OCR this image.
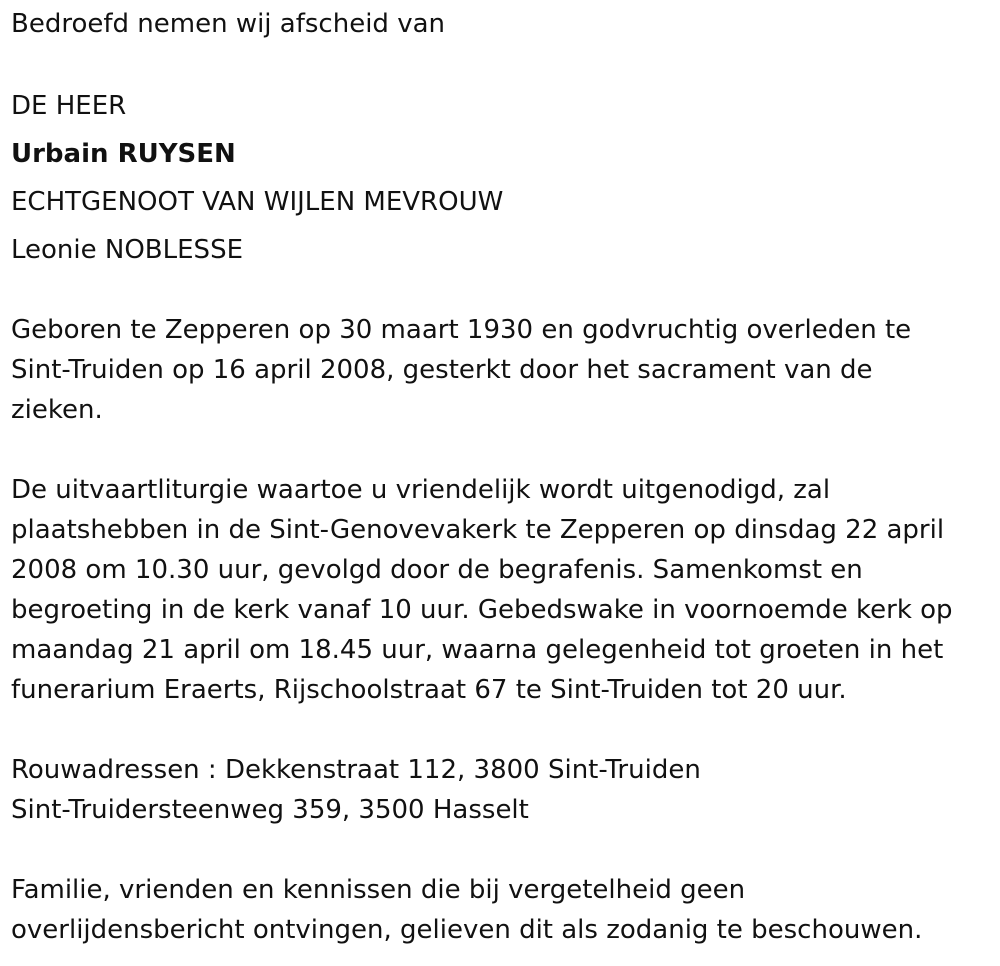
Bedroefd nemen wij afscheid van

DE HEER

Urbain RUYSEN

ECHTGENOOT VAN WIJLEN MEVROUW

Leonie NOBLESSE

Geboren te Zepperen op 30 maart 1930 en godvruchtig overleden te
Sint-Truiden op 16 april 2008, gesterkt door het sacrament van de
zieken.
De uitvaartliturgie waartoe u vriendelijk wordt uitgenodigd, zal
plaatshebben in de Sint-Genovevakerk te Zepperen op dinsdag 22 april
2008 om 10.30 uur, gevolgd door de begrafenis. Samenkomst en
begroeting in de kerk vanaf 10 uur. Gebedswake in voornoemde kerk op
maandag 21 april om 18.45 uur, waarna gelegenheid tot groeten in het
funerarium Eraerts, Rijschoolstraat 67 te Sint-Truiden tot 20 uur.
Rouwadressen : Dekkenstraat 112, 3800 Sint-Truiden
Sint-Truidersteenweg 359, 3500 Hasselt
Familie, vrienden en kennissen die bij vergetelheid geen
overlijdensbericht ontvingen, gelieven dit als zodanig te beschouwen.
